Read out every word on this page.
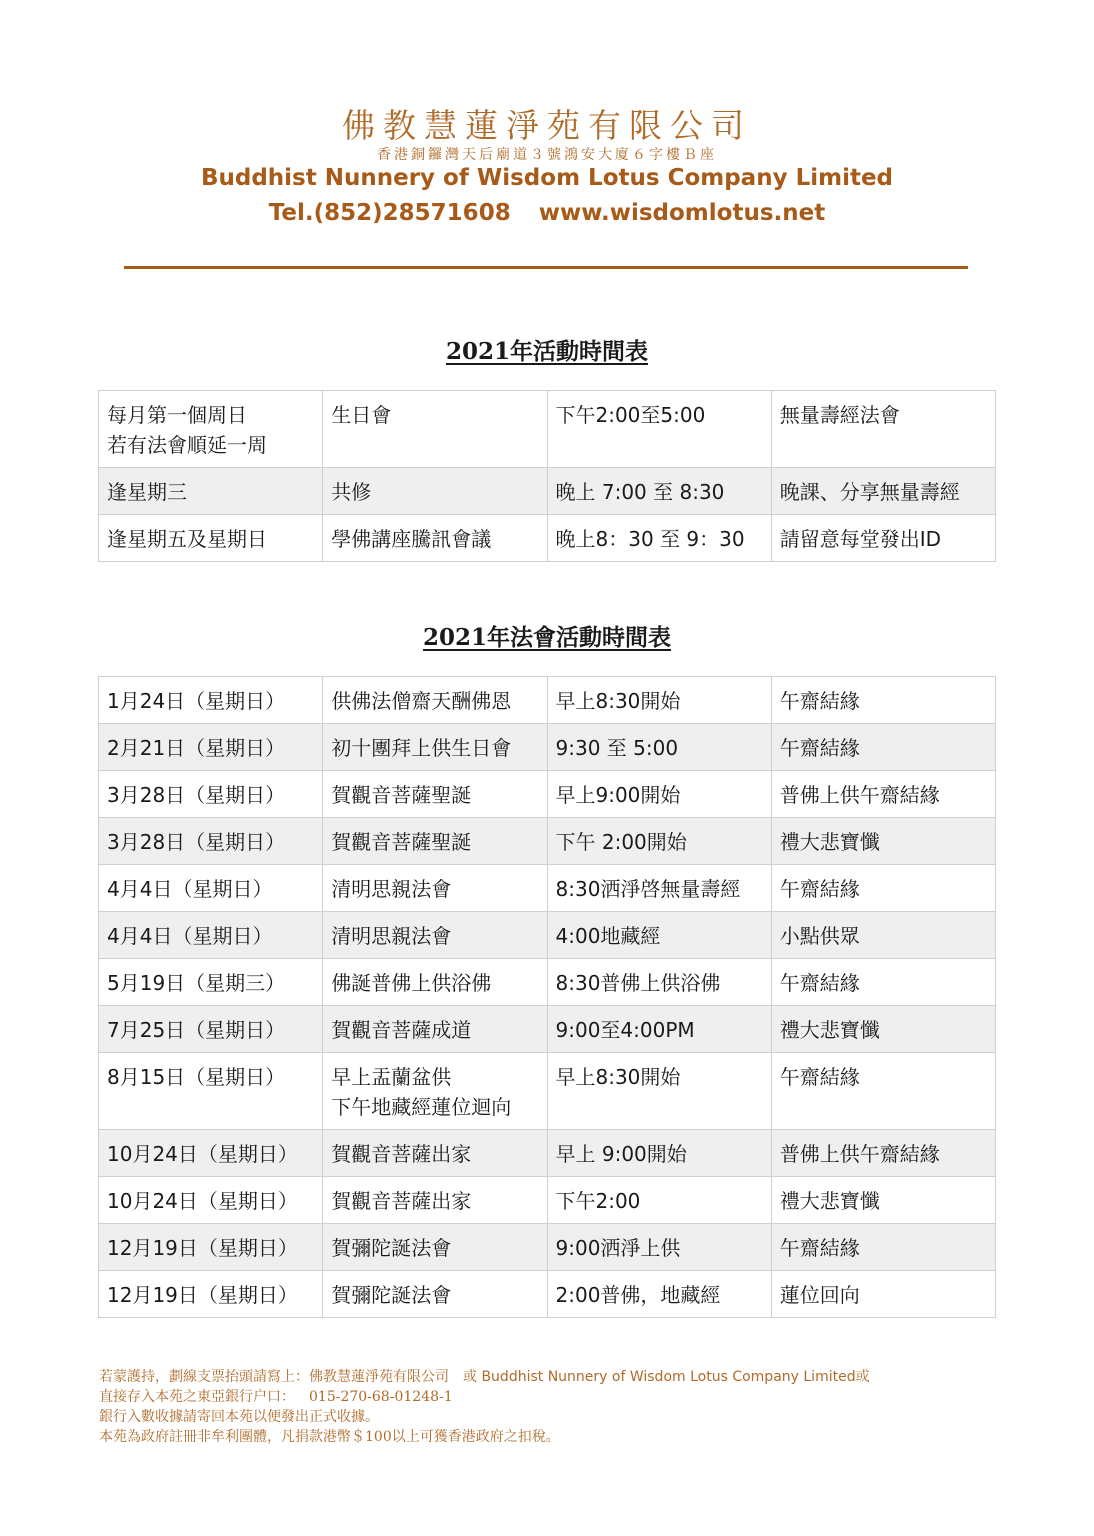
佛教慧蓮淨苑有限公司
香港銅鑼灣天后廟道３號鴻安大廈６字樓Ｂ座
Buddhist Nunnery of Wisdom Lotus Company Limited
Tel.(852)28571608 www.wisdomlotus.net
2021年活動時間表
每月第一個周日
若有法會順延一周	生日會	下午2:00至5:00	無量壽經法會
逢星期三	共修	晚上 7:00 至 8:30	晚課、分享無量壽經
逢星期五及星期日	學佛講座騰訊會議	晚上8：30 至 9：30	請留意每堂發出ID
2021年法會活動時間表
1月24日（星期日）	供佛法僧齋天酬佛恩	早上8:30開始	午齋結緣
2月21日（星期日）	初十團拜上供生日會	9:30 至 5:00	午齋結緣
3月28日（星期日）	賀觀音菩薩聖誕	早上9:00開始	普佛上供午齋結緣
3月28日（星期日）	賀觀音菩薩聖誕	下午 2:00開始	禮大悲寶懺
4月4日（星期日）	清明思親法會	8:30洒淨啓無量壽經	午齋結緣
4月4日（星期日）	清明思親法會	4:00地藏經	小點供眾
5月19日（星期三）	佛誕普佛上供浴佛	8:30普佛上供浴佛	午齋結緣
7月25日（星期日）	賀觀音菩薩成道	9:00至4:00PM	禮大悲寶懺
8月15日（星期日）	早上盂蘭盆供
下午地藏經蓮位迴向	早上8:30開始	午齋結緣
10月24日（星期日）	賀觀音菩薩出家	早上 9:00開始	普佛上供午齋結緣
10月24日（星期日）	賀觀音菩薩出家	下午2:00	禮大悲寶懺
12月19日（星期日）	賀彌陀誕法會	9:00洒淨上供	午齋結緣
12月19日（星期日）	賀彌陀誕法會	2:00普佛，地藏經	蓮位回向
若蒙護持，劃線支票抬頭請寫上：佛教慧蓮淨苑有限公司　或 Buddhist Nunnery of Wisdom Lotus Company Limited或
直接存入本苑之東亞銀行户口： 015-270-68-01248-1
銀行入數收據請寄回本苑以便發出正式收據。
本苑為政府註冊非牟利團體，凡捐款港幣＄100以上可獲香港政府之扣稅。
